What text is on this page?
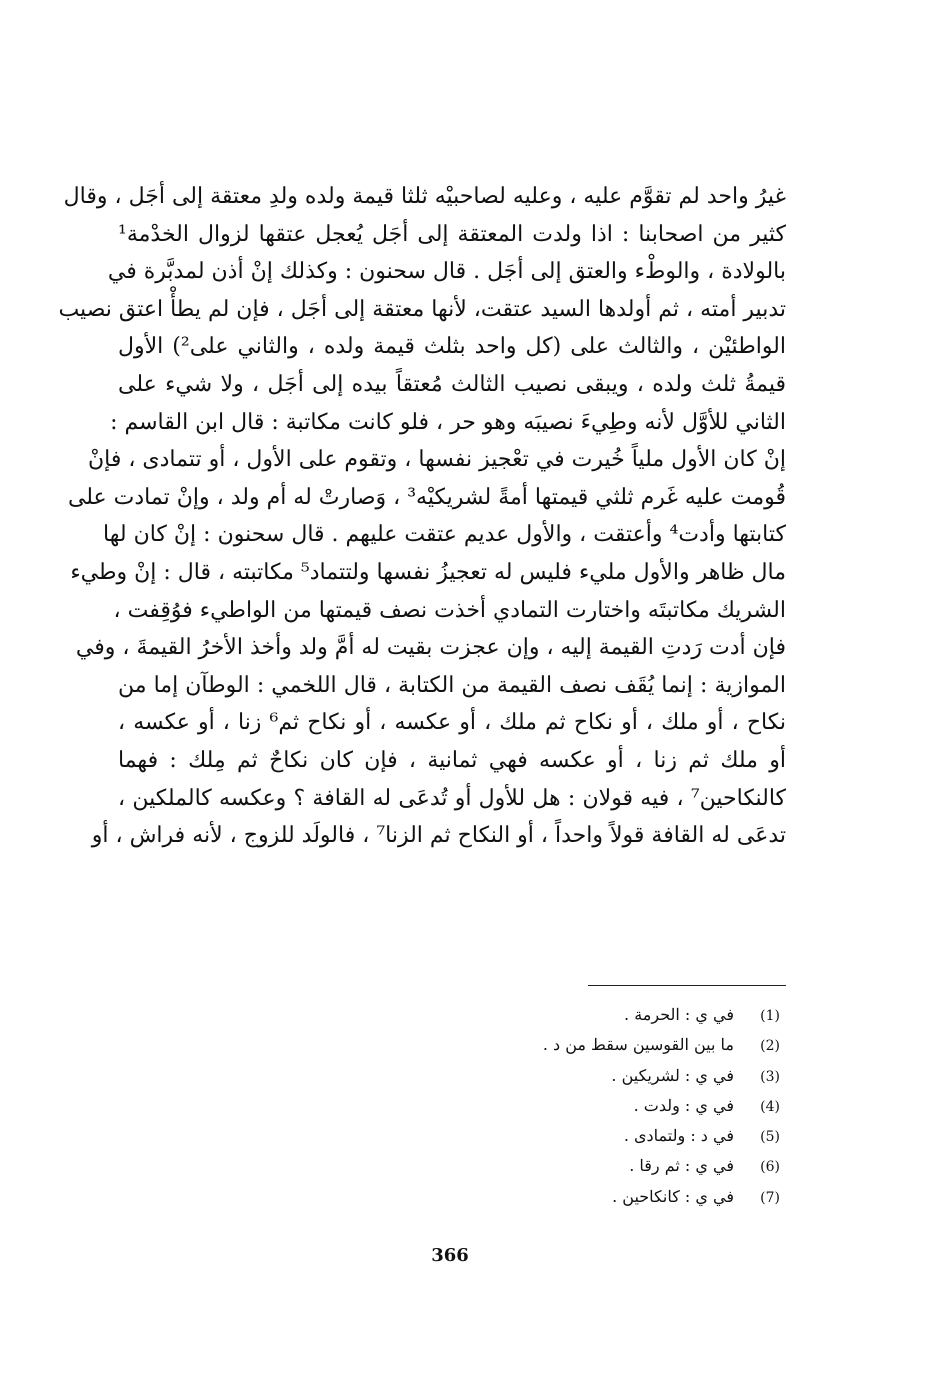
غيرُ واحد لم تقوَّم عليه ، وعليه لصاحبيْه ثلثا قيمة ولده ولدِ معتقة إلى أجَل ، وقال
كثير من اصحابنا : اذا ولدت المعتقة إلى أجَل يُعجل عتقها لزوال الخدْمة¹
بالولادة ، والوطْء والعتق إلى أجَل . قال سحنون : وكذلك إنْ أذن لمدبَّرة في
تدبير أمته ، ثم أولدها السيد عتقت، لأنها معتقة إلى أجَل ، فإن لم يطأْ اعتق نصيب
الواطئيْن ، والثالث على (كل واحد بثلث قيمة ولده ، والثاني على²) الأول
قيمةُ ثلث ولده ، ويبقى نصيب الثالث مُعتقاً بيده إلى أجَل ، ولا شيء على
الثاني للأوَّل لأنه وطِيءَ نصيبَه وهو حر ، فلو كانت مكاتبة : قال ابن القاسم :
إنْ كان الأول ملياً خُيرت في تعْجيز نفسها ، وتقوم على الأول ، أو تتمادى ، فإنْ
قُومت عليه غَرم ثلثي قيمتها أمةً لشريكيْه³ ، وَصارتْ له أم ولد ، وإنْ تمادت على
كتابتها وأدت⁴ وأعتقت ، والأول عديم عتقت عليهم . قال سحنون : إنْ كان لها
مال ظاهر والأول مليء فليس له تعجيزُ نفسها ولتتماد⁵ مكاتبته ، قال : إنْ وطيء
الشريك مكاتبتَه واختارت التمادي أخذت نصف قيمتها من الواطيء فوُقِفت ،
فإن أدت رَدتِ القيمة إليه ، وإن عجزت بقيت له أمَّ ولد وأخذ الأخرُ القيمةَ ، وفي
الموازية : إنما يُقَف نصف القيمة من الكتابة ، قال اللخمي : الوطآن إما من
نكاح ، أو ملك ، أو نكاح ثم ملك ، أو عكسه ، أو نكاح ثم⁶ زنا ، أو عكسه ،
أو ملك ثم زنا ، أو عكسه فهي ثمانية ، فإن كان نكاحٌ ثم مِلك : فهما
كالنكاحين⁷ ، فيه قولان : هل للأول أو تُدعَى له القافة ؟ وعكسه كالملكين ،
تدعَى له القافة قولاً واحداً ، أو النكاح ثم الزنا⁷ ، فالولَد للزوج ، لأنه فراش ، أو
(1)
في ي : الحرمة .
(2)
ما بين القوسين سقط من د .
(3)
في ي : لشريكين .
(4)
في ي : ولدت .
(5)
في د : ولتمادى .
(6)
في ي : ثم رقا .
(7)
في ي : كانكاحين .
366
